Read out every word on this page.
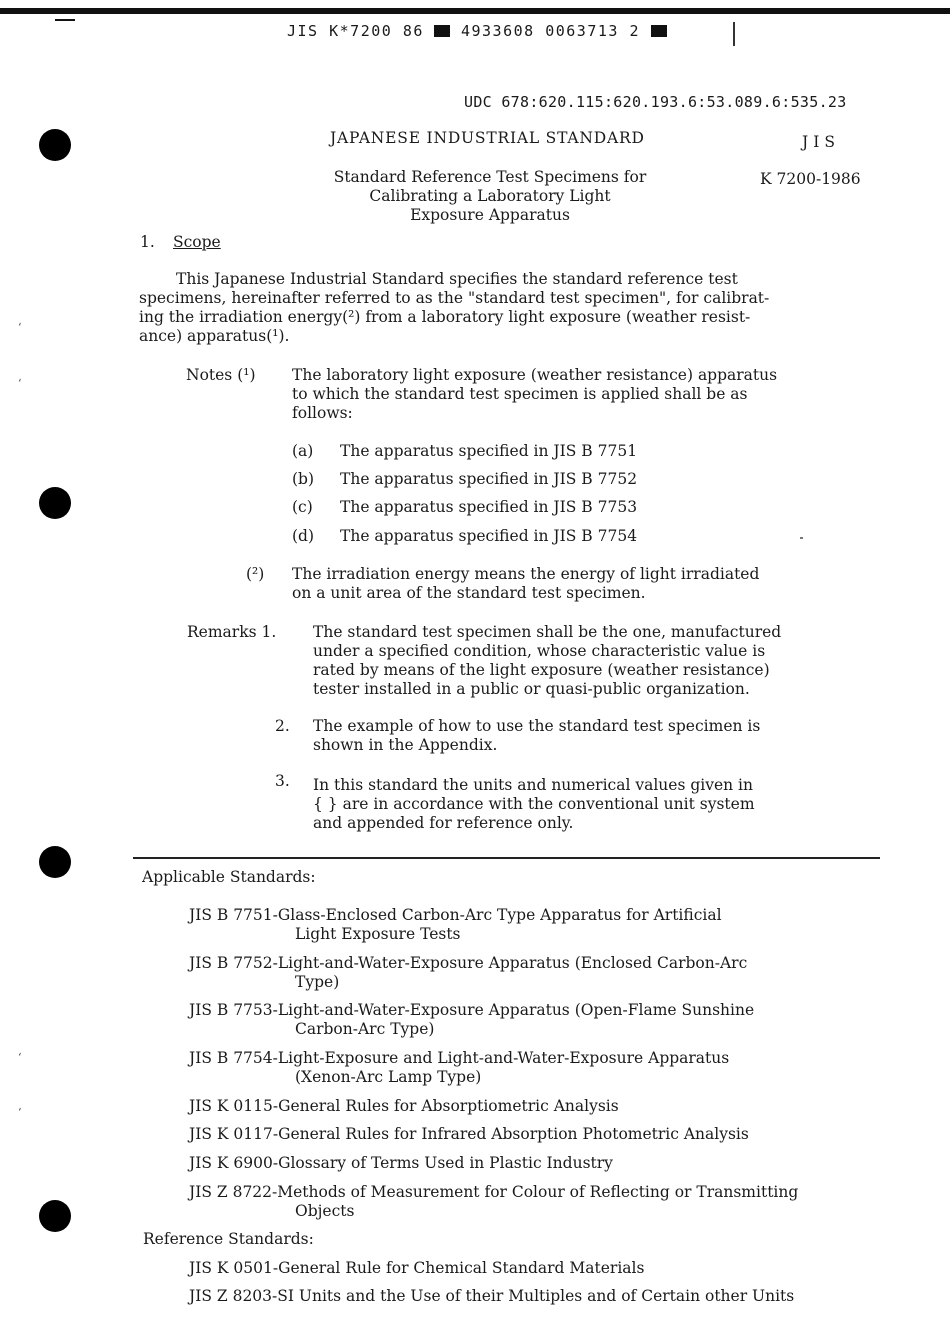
JIS K*7200 86 4933608 0063713 2
ʻ
ʻ
ʻ
ʻ
UDC 678:620.115:620.193.6:53.089.6:535.23
JAPANESE INDUSTRIAL STANDARD	JIS
K 7200-1986
Standard Reference Test Specimens for
Calibrating a Laboratory Light
Exposure Apparatus
1. Scope
This Japanese Industrial Standard specifies the standard reference test
specimens, hereinafter referred to as the "standard test specimen", for calibrat-
ing the irradiation energy(²) from a laboratory light exposure (weather resist-
ance) apparatus(¹).
Notes (¹) The laboratory light exposure (weather resistance) apparatus
to which the standard test specimen is applied shall be as
follows:
(a) The apparatus specified in JIS B 7751
(b) The apparatus specified in JIS B 7752
(c) The apparatus specified in JIS B 7753
(d) The apparatus specified in JIS B 7754
(²) The irradiation energy means the energy of light irradiated
on a unit area of the standard test specimen.
Remarks 1. The standard test specimen shall be the one, manufactured
under a specified condition, whose characteristic value is
rated by means of the light exposure (weather resistance)
tester installed in a public or quasi-public organization.
2. The example of how to use the standard test specimen is
shown in the Appendix.
3. In this standard the units and numerical values given in
{ } are in accordance with the conventional unit system
and appended for reference only.
Applicable Standards:
JIS B 7751-Glass-Enclosed Carbon-Arc Type Apparatus for Artificial
Light Exposure Tests
JIS B 7752-Light-and-Water-Exposure Apparatus (Enclosed Carbon-Arc
Type)
JIS B 7753-Light-and-Water-Exposure Apparatus (Open-Flame Sunshine
Carbon-Arc Type)
JIS B 7754-Light-Exposure and Light-and-Water-Exposure Apparatus
(Xenon-Arc Lamp Type)
JIS K 0115-General Rules for Absorptiometric Analysis
JIS K 0117-General Rules for Infrared Absorption Photometric Analysis
JIS K 6900-Glossary of Terms Used in Plastic Industry
JIS Z 8722-Methods of Measurement for Colour of Reflecting or Transmitting
Objects
Reference Standards:
JIS K 0501-General Rule for Chemical Standard Materials
JIS Z 8203-SI Units and the Use of their Multiples and of Certain other Units
